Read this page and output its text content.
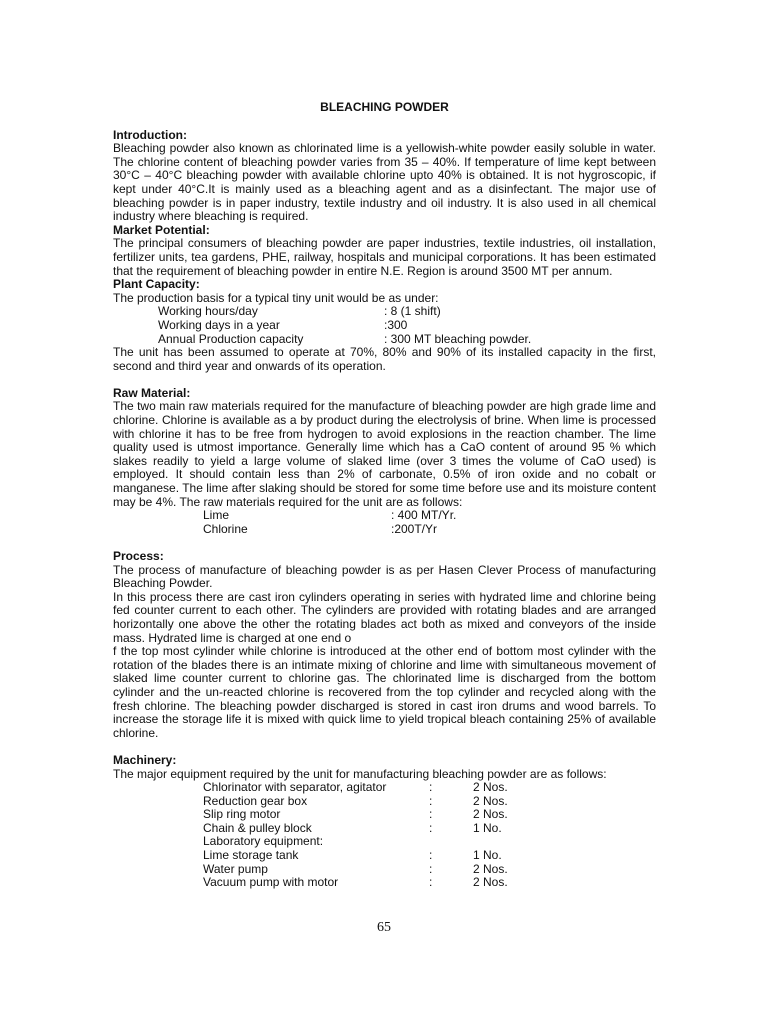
BLEACHING POWDER
Introduction:

Bleaching powder also known as chlorinated lime is a yellowish-white powder easily soluble in water. The chlorine content of bleaching powder varies from 35 – 40%. If temperature of lime kept between 30°C – 40°C bleaching powder with available chlorine upto 40% is obtained. It is not hygroscopic, if kept under 40°C.It is mainly used as a bleaching agent and as a disinfectant. The major use of bleaching powder is in paper industry, textile industry and oil industry. It is also used in all chemical industry where bleaching is required.

Market Potential:

The principal consumers of bleaching powder are paper industries, textile industries, oil installation, fertilizer units, tea gardens, PHE, railway, hospitals and municipal corporations. It has been estimated that the requirement of bleaching powder in entire N.E. Region is around 3500 MT per annum.

Plant Capacity:

The production basis for a typical tiny unit would be as under:

Working hours/day	: 8 (1 shift)
Working days in a year	:300
Annual Production capacity	: 300 MT bleaching powder.

The unit has been assumed to operate at 70%, 80% and 90% of its installed capacity in the first, second and third year and onwards of its operation.

Raw Material:

The two main raw materials required for the manufacture of bleaching powder are high grade lime and chlorine. Chlorine is available as a by product during the electrolysis of brine. When lime is processed with chlorine it has to be free from hydrogen to avoid explosions in the reaction chamber. The lime quality used is utmost importance. Generally lime which has a CaO content of around 95 % which slakes readily to yield a large volume of slaked lime (over 3 times the volume of CaO used) is employed. It should contain less than 2% of carbonate, 0.5% of iron oxide and no cobalt or manganese. The lime after slaking should be stored for some time before use and its moisture content may be 4%. The raw materials required for the unit are as follows:

Lime	: 400 MT/Yr.
Chlorine	:200T/Yr
Process:

The process of manufacture of bleaching powder is as per Hasen Clever Process of manufacturing Bleaching Powder.

In this process there are cast iron cylinders operating in series with hydrated lime and chlorine being fed counter current to each other. The cylinders are provided with rotating blades and are arranged horizontally one above the other the rotating blades act both as mixed and conveyors of the inside mass. Hydrated lime is charged at one end o

f the top most cylinder while chlorine is introduced at the other end of bottom most cylinder with the rotation of the blades there is an intimate mixing of chlorine and lime with simultaneous movement of slaked lime counter current to chlorine gas. The chlorinated lime is discharged from the bottom cylinder and the un-reacted chlorine is recovered from the top cylinder and recycled along with the fresh chlorine. The bleaching powder discharged is stored in cast iron drums and wood barrels. To increase the storage life it is mixed with quick lime to yield tropical bleach containing 25% of available chlorine.

Machinery:

The major equipment required by the unit for manufacturing bleaching powder are as follows:

Chlorinator with separator, agitator	:	2 Nos.
Reduction gear box	:	2 Nos.
Slip ring motor	:	2 Nos.
Chain & pulley block	:	1 No.
Laboratory equipment:		
Lime storage tank	:	1 No.
Water pump	:	2 Nos.
Vacuum pump with motor	:	2 Nos.
65
